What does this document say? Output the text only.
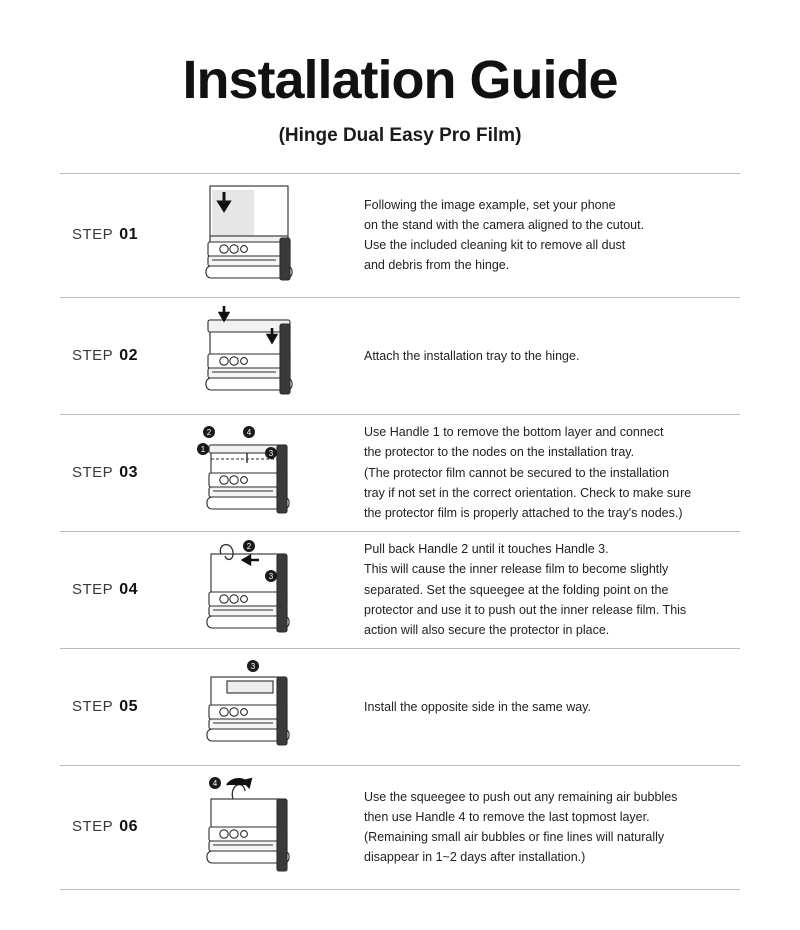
Installation Guide
(Hinge Dual Easy Pro Film)
STEP 01

Following the image example, set your phone

on the stand with the camera aligned to the cutout.

Use the included cleaning kit to remove all dust

and debris from the hinge.

STEP 02	Attach the installation tray to the hinge.

STEP 03
1
2
3
4	Use Handle 1 to remove the bottom layer and connect

the protector to the nodes on the installation tray.

(The protector film cannot be secured to the installation

tray if not set in the correct orientation. Check to make sure

the protector film is properly attached to the tray's nodes.)

STEP 04
2
3

Pull back Handle 2 until it touches Handle 3.

This will cause the inner release film to become slightly

separated. Set the squeegee at the folding point on the

protector and use it to push out the inner release film. This

action will also secure the protector in place.

STEP 05
3

Install the opposite side in the same way.

STEP 06
4

Use the squeegee to push out any remaining air bubbles

then use Handle 4 to remove the last topmost layer.

(Remaining small air bubbles or fine lines will naturally

disappear in 1~2 days after installation.)
